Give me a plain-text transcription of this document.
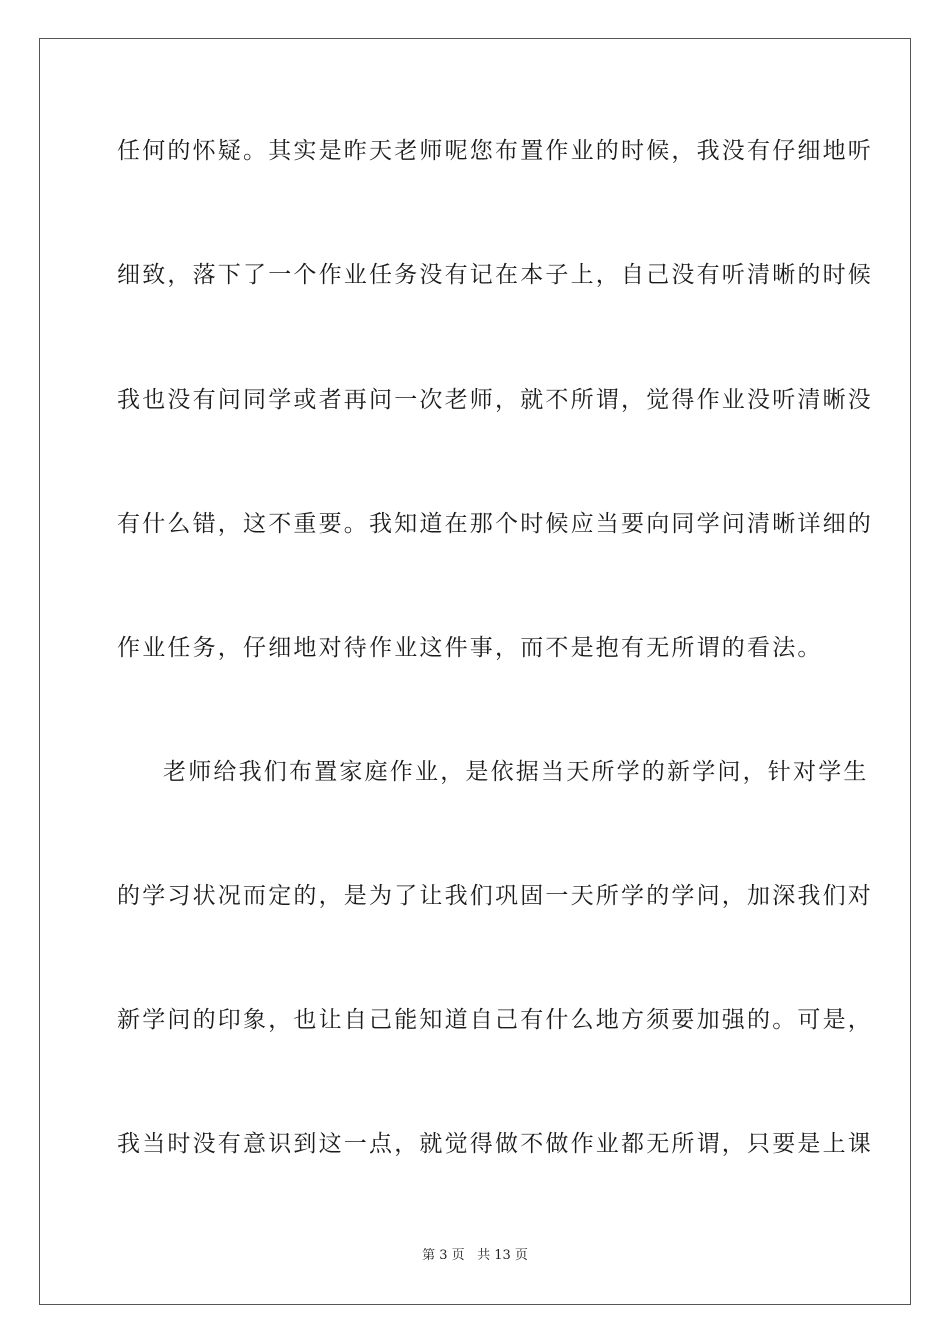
任何的怀疑。其实是昨天老师呢您布置作业的时候，我没有仔细地听
细致，落下了一个作业任务没有记在本子上，自己没有听清晰的时候
我也没有问同学或者再问一次老师，就不所谓，觉得作业没听清晰没
有什么错，这不重要。我知道在那个时候应当要向同学问清晰详细的
作业任务，仔细地对待作业这件事，而不是抱有无所谓的看法。
老师给我们布置家庭作业，是依据当天所学的新学问，针对学生
的学习状况而定的，是为了让我们巩固一天所学的学问，加深我们对
新学问的印象，也让自己能知道自己有什么地方须要加强的。可是，
我当时没有意识到这一点，就觉得做不做作业都无所谓，只要是上课
第 3 页 共 13 页
